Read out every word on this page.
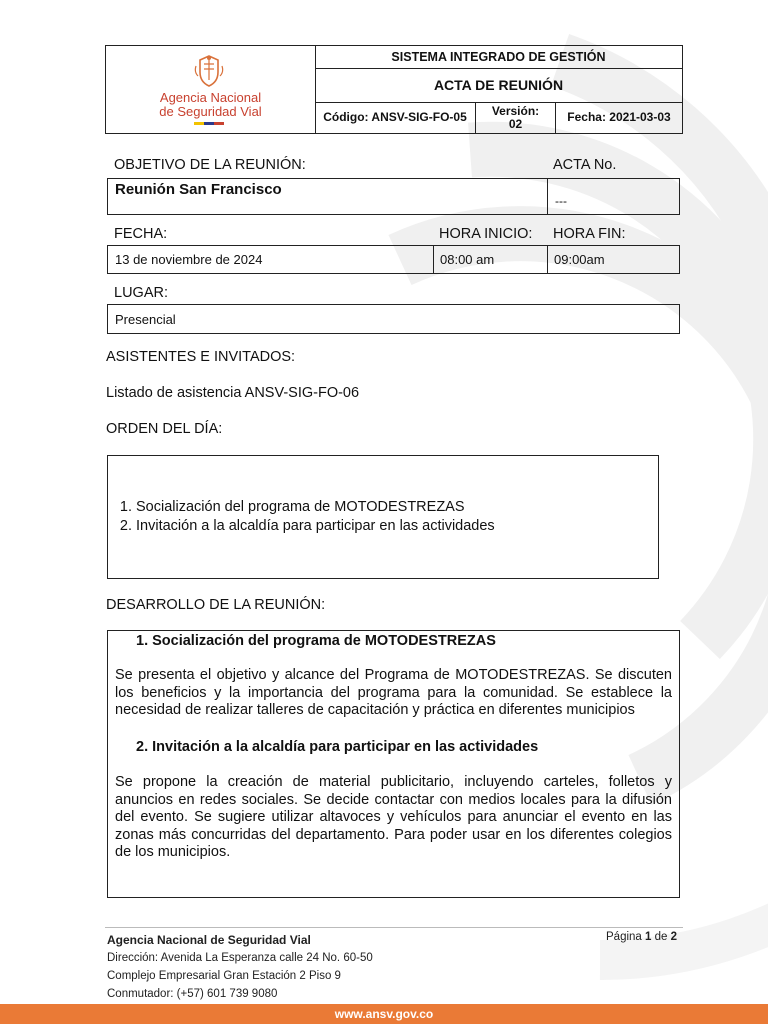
Agencia Nacional
de Seguridad Vial
SISTEMA INTEGRADO DE GESTIÓN
ACTA DE REUNIÓN
Código: ANSV-SIG-FO-05	Versión: 02	Fecha: 2021-03-03
OBJETIVO DE LA REUNIÓN:	ACTA No.
Reunión San Francisco
---
FECHA:	HORA INICIO: HORA FIN:
13 de noviembre de 2024	08:00 am	09:00am
LUGAR:
Presencial
ASISTENTES E INVITADOS:
Listado de asistencia ANSV-SIG-FO-06
ORDEN DEL DÍA:
1. Socialización del programa de MOTODESTREZAS
2. Invitación a la alcaldía para participar en las actividades
DESARROLLO DE LA REUNIÓN:
1. Socialización del programa de MOTODESTREZAS

Se presenta el objetivo y alcance del Programa de MOTODESTREZAS. Se discuten los beneficios y la importancia del programa para la comunidad. Se establece la necesidad de realizar talleres de capacitación y práctica en diferentes municipios

2. Invitación a la alcaldía para participar en las actividades

Se propone la creación de material publicitario, incluyendo carteles, folletos y anuncios en redes sociales. Se decide contactar con medios locales para la difusión del evento. Se sugiere utilizar altavoces y vehículos para anunciar el evento en las zonas más concurridas del departamento. Para poder usar en los diferentes colegios de los municipios.

Agencia Nacional de Seguridad Vial
Dirección: Avenida La Esperanza calle 24 No. 60-50
Complejo Empresarial Gran Estación 2 Piso 9
Conmutador: (+57) 601 739 9080
Página 1 de 2
www.ansv.gov.co
